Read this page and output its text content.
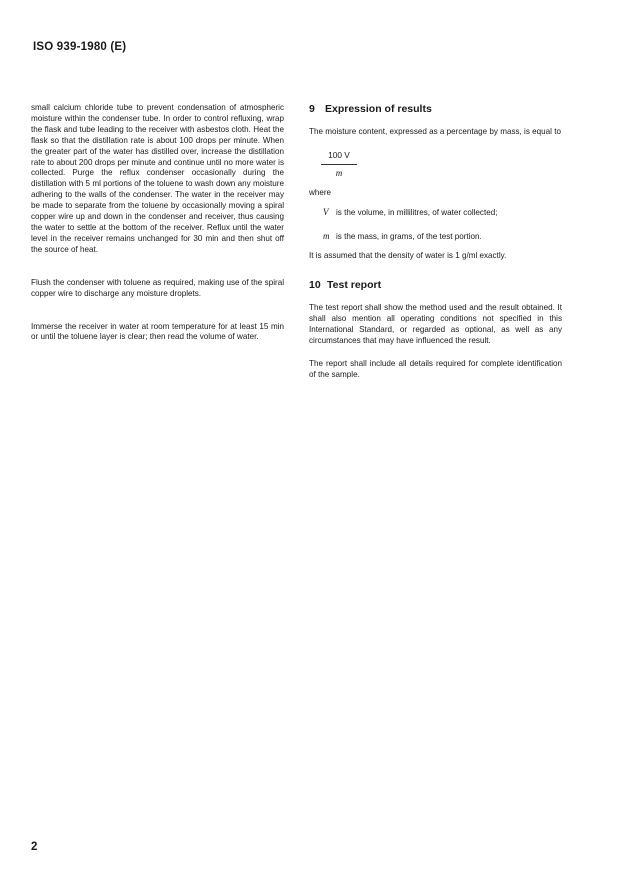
ISO 939-1980 (E)

small calcium chloride tube to prevent condensation of atmospheric moisture within the condenser tube. In order to control refluxing, wrap the flask and tube leading to the receiver with asbestos cloth. Heat the flask so that the distillation rate is about 100 drops per minute. When the greater part of the water has distilled over, increase the distillation rate to about 200 drops per minute and continue until no more water is collected. Purge the reflux condenser occasionally during the distillation with 5 ml portions of the toluene to wash down any moisture adhering to the walls of the condenser. The water in the receiver may be made to separate from the toluene by occasionally moving a spiral copper wire up and down in the condenser and receiver, thus causing the water to settle at the bottom of the receiver. Reflux until the water level in the receiver remains unchanged for 30 min and then shut off the source of heat.

Flush the condenser with toluene as required, making use of the spiral copper wire to discharge any moisture droplets.

Immerse the receiver in water at room temperature for at least 15 min or until the toluene layer is clear; then read the volume of water.

9 Expression of results

The moisture content, expressed as a percentage by mass, is equal to

100 V
m

where

V is the volume, in millilitres, of water collected;

m is the mass, in grams, of the test portion.

It is assumed that the density of water is 1 g/ml exactly.

10 Test report

The test report shall show the method used and the result obtained. It shall also mention all operating conditions not specified in this International Standard, or regarded as optional, as well as any circumstances that may have influenced the result.

The report shall include all details required for complete identification of the sample.

2
